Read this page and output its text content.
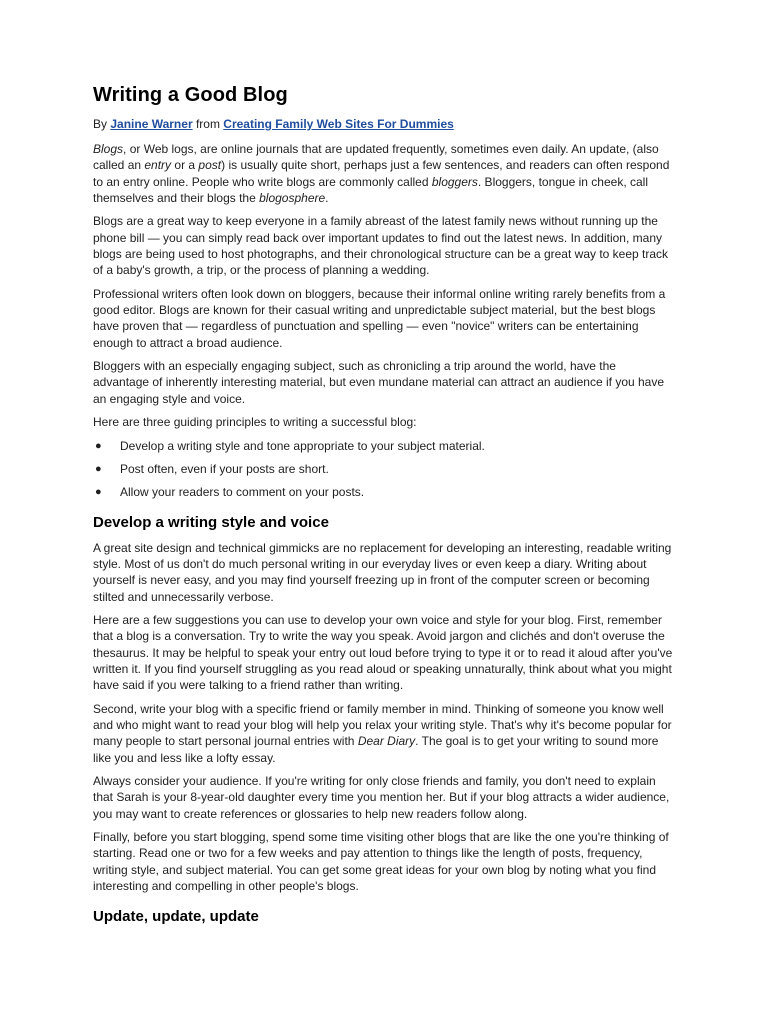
Writing a Good Blog
By Janine Warner from Creating Family Web Sites For Dummies

Blogs, or Web logs, are online journals that are updated frequently, sometimes even daily. An update, (also called an entry or a post) is usually quite short, perhaps just a few sentences, and readers can often respond to an entry online. People who write blogs are commonly called bloggers. Bloggers, tongue in cheek, call themselves and their blogs the blogosphere.

Blogs are a great way to keep everyone in a family abreast of the latest family news without running up the phone bill — you can simply read back over important updates to find out the latest news. In addition, many blogs are being used to host photographs, and their chronological structure can be a great way to keep track of a baby's growth, a trip, or the process of planning a wedding.

Professional writers often look down on bloggers, because their informal online writing rarely benefits from a good editor. Blogs are known for their casual writing and unpredictable subject material, but the best blogs have proven that — regardless of punctuation and spelling — even "novice" writers can be entertaining enough to attract a broad audience.

Bloggers with an especially engaging subject, such as chronicling a trip around the world, have the advantage of inherently interesting material, but even mundane material can attract an audience if you have an engaging style and voice.

Here are three guiding principles to writing a successful blog:

● Develop a writing style and tone appropriate to your subject material.
● Post often, even if your posts are short.
● Allow your readers to comment on your posts.
Develop a writing style and voice

A great site design and technical gimmicks are no replacement for developing an interesting, readable writing style. Most of us don't do much personal writing in our everyday lives or even keep a diary. Writing about yourself is never easy, and you may find yourself freezing up in front of the computer screen or becoming stilted and unnecessarily verbose.

Here are a few suggestions you can use to develop your own voice and style for your blog. First, remember that a blog is a conversation. Try to write the way you speak. Avoid jargon and clichés and don't overuse the thesaurus. It may be helpful to speak your entry out loud before trying to type it or to read it aloud after you've written it. If you find yourself struggling as you read aloud or speaking unnaturally, think about what you might have said if you were talking to a friend rather than writing.

Second, write your blog with a specific friend or family member in mind. Thinking of someone you know well and who might want to read your blog will help you relax your writing style. That's why it's become popular for many people to start personal journal entries with Dear Diary. The goal is to get your writing to sound more like you and less like a lofty essay.

Always consider your audience. If you're writing for only close friends and family, you don't need to explain that Sarah is your 8-year-old daughter every time you mention her. But if your blog attracts a wider audience, you may want to create references or glossaries to help new readers follow along.

Finally, before you start blogging, spend some time visiting other blogs that are like the one you're thinking of starting. Read one or two for a few weeks and pay attention to things like the length of posts, frequency, writing style, and subject material. You can get some great ideas for your own blog by noting what you find interesting and compelling in other people's blogs.

Update, update, update
